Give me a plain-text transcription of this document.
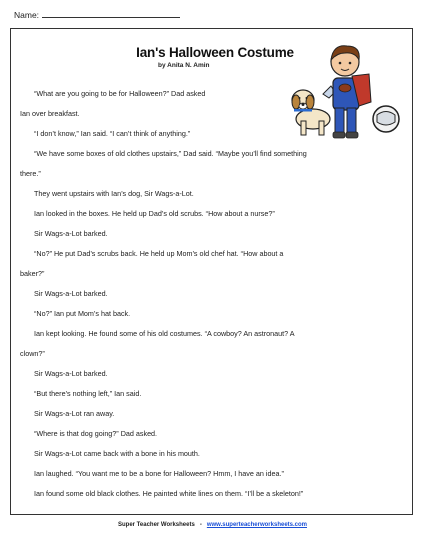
Name:
Ian's Halloween Costume
by Anita N. Amin
“What are you going to be for Halloween?” Dad asked
Ian over breakfast.
“I don’t know,” Ian said. “I can’t think of anything.”
“We have some boxes of old clothes upstairs,” Dad said. “Maybe you’ll find something
there.”
They went upstairs with Ian’s dog, Sir Wags-a-Lot.
Ian looked in the boxes. He held up Dad’s old scrubs. “How about a nurse?”
Sir Wags-a-Lot barked.
“No?” He put Dad’s scrubs back. He held up Mom’s old chef hat. “How about a
baker?”
Sir Wags-a-Lot barked.
“No?” Ian put Mom’s hat back.
Ian kept looking. He found some of his old costumes. “A cowboy? An astronaut? A
clown?”
Sir Wags-a-Lot barked.
“But there’s nothing left,” Ian said.
Sir Wags-a-Lot ran away.
“Where is that dog going?” Dad asked.
Sir Wags-a-Lot came back with a bone in his mouth.
Ian laughed. “You want me to be a bone for Halloween? Hmm, I have an idea.”
Ian found some old black clothes. He painted white lines on them. “I’ll be a skeleton!”
Super Teacher Worksheets - www.superteacherworksheets.com
